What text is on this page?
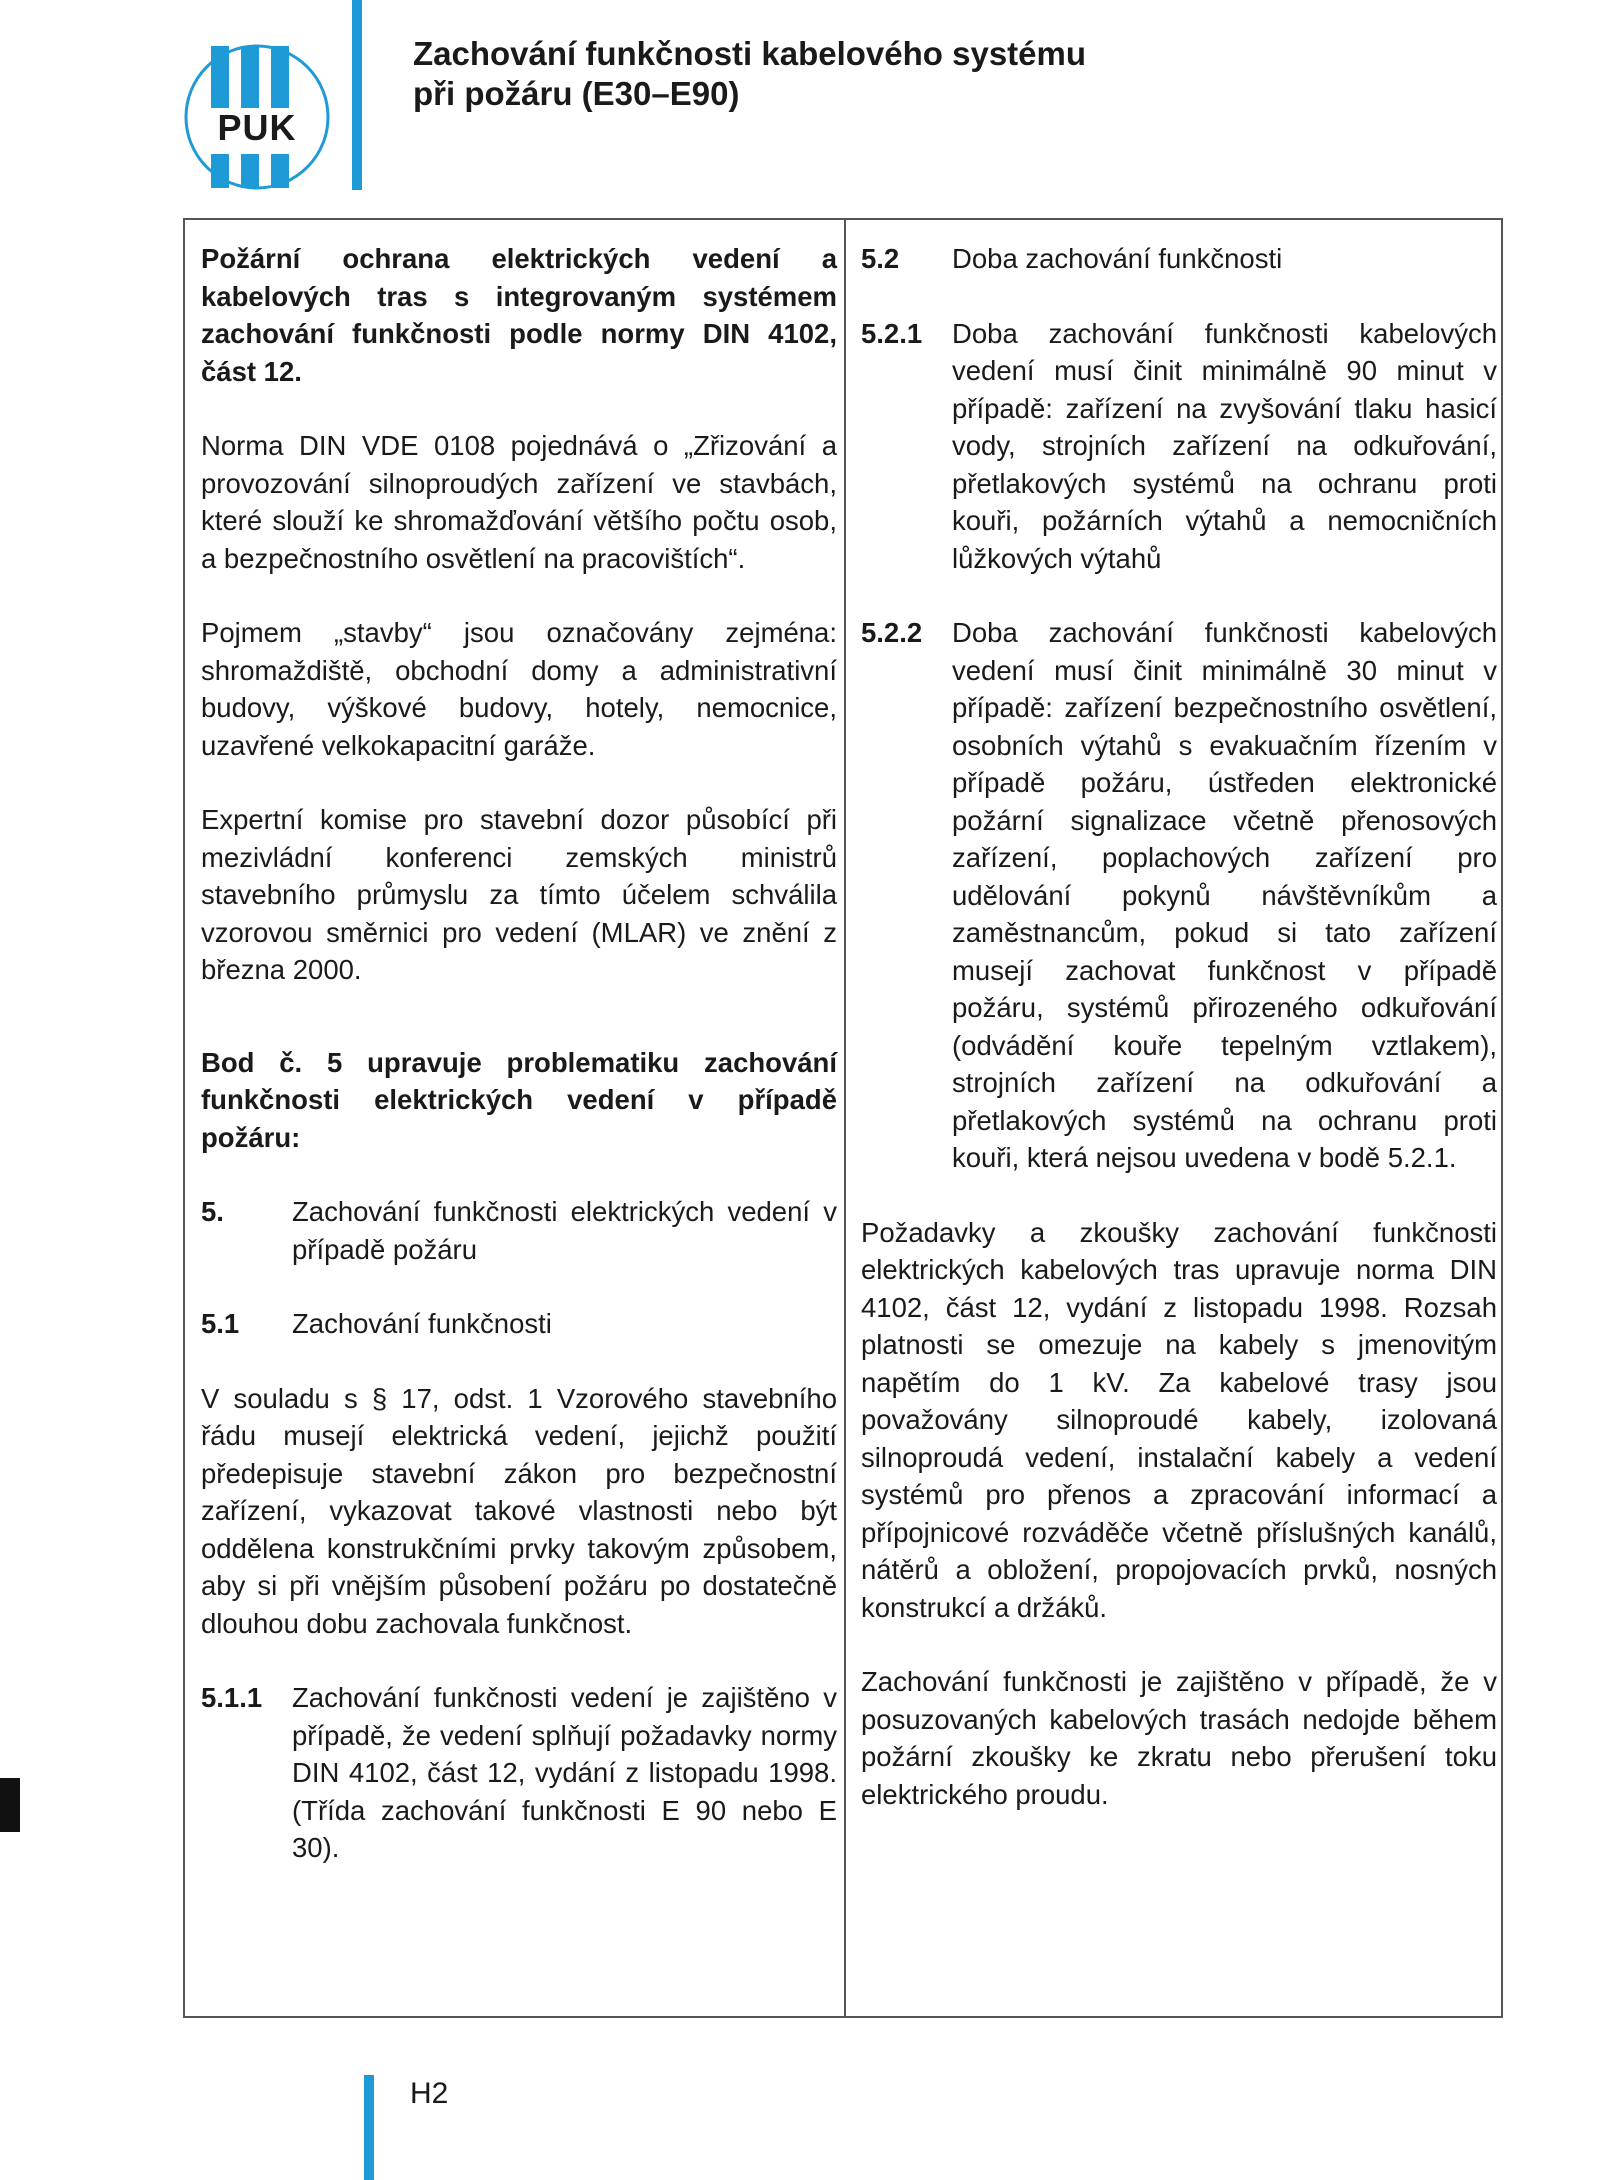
PUK
Zachování funkčnosti kabelového systému
při požáru (E30–E90)

Požární ochrana elektrických vedení a kabelových tras s integrovaným systémem zachování funkčnosti podle normy DIN 4102, část 12.

Norma DIN VDE 0108 pojednává o „Zřizování a provozování silnoproudých zařízení ve stavbách, které slouží ke shromažďování většího počtu osob, a bezpečnostního osvětlení na pracovištích“.

Pojmem „stavby“ jsou označovány zejména: shromaždiště, obchodní domy a administrativní budovy, výškové budovy, hotely, nemocnice, uzavřené velkokapacitní garáže.

Expertní komise pro stavební dozor působící při mezivládní konferenci zemských ministrů stavebního průmyslu za tímto účelem schválila vzorovou směrnici pro vedení (MLAR) ve znění z března 2000.

Bod č. 5 upravuje problematiku zachování funkčnosti elektrických vedení v případě požáru:

5.	Zachování funkčnosti elektrických vedení v případě požáru
5.1	Zachování funkčnosti

V souladu s § 17, odst. 1 Vzorového stavebního řádu musejí elektrická vedení, jejichž použití předepisuje stavební zákon pro bezpečnostní zařízení, vykazovat takové vlastnosti nebo být oddělena konstrukčními prvky takovým způsobem, aby si při vnějším působení požáru po dostatečně dlouhou dobu zachovala funkčnost.

5.1.1	Zachování funkčnosti vedení je zajištěno v případě, že vedení splňují požadavky normy DIN 4102, část 12, vydání z listopadu 1998. (Třída zachování funkčnosti E 90 nebo E 30).
5.2	Doba zachování funkčnosti
5.2.1	Doba zachování funkčnosti kabelových vedení musí činit minimálně 90 minut v případě: zařízení na zvyšování tlaku hasicí vody, strojních zařízení na odkuřování, přetlakových systémů na ochranu proti kouři, požárních výtahů a nemocničních lůžkových výtahů
5.2.2	Doba zachování funkčnosti kabelových vedení musí činit minimálně 30 minut v případě: zařízení bezpečnostního osvětlení, osobních výtahů s evakuačním řízením v případě požáru, ústředen elektronické požární signalizace včetně přenosových zařízení, poplachových zařízení pro udělování pokynů návštěvníkům a zaměstnancům, pokud si tato zařízení musejí zachovat funkčnost v případě požáru, systémů přirozeného odkuřování (odvádění kouře tepelným vztlakem), strojních zařízení na odkuřování a přetlakových systémů na ochranu proti kouři, která nejsou uvedena v bodě 5.2.1.

Požadavky a zkoušky zachování funkčnosti elektrických kabelových tras upravuje norma DIN 4102, část 12, vydání z listopadu 1998. Rozsah platnosti se omezuje na kabely s jmenovitým napětím do 1 kV. Za kabelové trasy jsou považovány silnoproudé kabely, izolovaná silnoproudá vedení, instalační kabely a vedení systémů pro přenos a zpracování informací a přípojnicové rozváděče včetně příslušných kanálů, nátěrů a obložení, propojovacích prvků, nosných konstrukcí a držáků.

Zachování funkčnosti je zajištěno v případě, že v posuzovaných kabelových trasách nedojde během požární zkoušky ke zkratu nebo přerušení toku elektrického proudu.

H2
